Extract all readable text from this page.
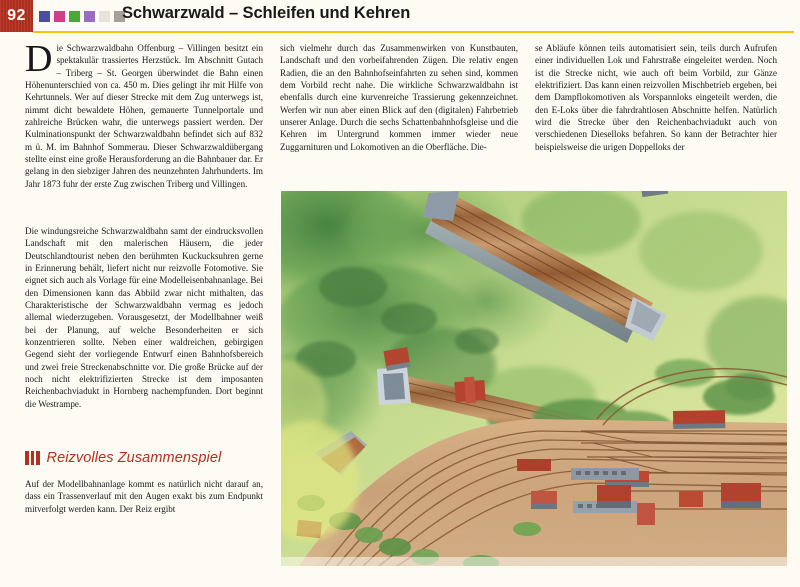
92	Schwarzwald – Schleifen und Kehren

Die Schwarzwaldbahn Offenburg – Villingen besitzt ein spektakulär trassiertes Herzstück. Im Abschnitt Gutach – Triberg – St. Georgen überwindet die Bahn einen Höhenunterschied von ca. 450 m. Dies gelingt ihr mit Hilfe von Kehrtunnels. Wer auf dieser Strecke mit dem Zug unterwegs ist, nimmt dicht bewaldete Höhen, gemauerte Tunnelportale und zahlreiche Brücken wahr, die unterwegs passiert werden. Der Kulminationspunkt der Schwarzwaldbahn befindet sich auf 832 m ü. M. im Bahnhof Sommerau. Dieser Schwarzwaldübergang stellte einst eine große Herausforderung an die Bahnbauer dar. Er gelang in den siebziger Jahren des neunzehnten Jahrhunderts. Im Jahr 1873 fuhr der erste Zug zwischen Triberg und Villingen.

sich vielmehr durch das Zusammenwirken von Kunstbauten, Landschaft und den vorbeifahrenden Zügen. Die relativ engen Radien, die an den Bahnhofseinfahrten zu sehen sind, kommen dem Vorbild recht nahe. Die wirkliche Schwarzwaldbahn ist ebenfalls durch eine kurvenreiche Trassierung gekennzeichnet. Werfen wir nun aber einen Blick auf den (digitalen) Fahrbetrieb unserer Anlage. Durch die sechs Schattenbahnhofsgleise und die Kehren im Untergrund kommen immer wieder neue Zuggarnituren und Lokomotiven an die Oberfläche. Die-

se Abläufe können teils automatisiert sein, teils durch Aufrufen einer individuellen Lok und Fahrstraße eingeleitet werden. Noch ist die Strecke nicht, wie auch oft beim Vorbild, zur Gänze elektrifiziert. Das kann einen reizvollen Mischbetrieb ergeben, bei dem Dampflokomotiven als Vorspannloks eingeteilt werden, die den E-Loks über die fahrdrahtlosen Abschnitte helfen. Natürlich wird die Strecke über den Reichenbachviadukt auch von verschiedenen Dieselloks befahren. So kann der Betrachter hier beispielsweise die urigen Doppelloks der

Die windungsreiche Schwarzwaldbahn samt der eindrucksvollen Landschaft mit den malerischen Häusern, die jeder Deutschlandtourist neben den berühmten Kuckucksuhren gerne in Erinnerung behält, liefert nicht nur reizvolle Fotomotive. Sie eignet sich auch als Vorlage für eine Modelleisenbahnanlage. Bei den Dimensionen kann das Abbild zwar nicht mithalten, das Charakteristische der Schwarzwaldbahn vermag es jedoch allemal wiederzugeben. Vorausgesetzt, der Modellbahner weiß bei der Planung, auf welche Besonderheiten er sich konzentrieren sollte. Neben einer waldreichen, gebirgigen Gegend sieht der vorliegende Entwurf einen Bahnhofsbereich und zwei freie Streckenabschnitte vor. Die große Brücke auf der noch nicht elektrifizierten Strecke ist dem imposanten Reichenbachviadukt in Hornberg nachempfunden. Dort beginnt die Westrampe.

Reizvolles Zusammenspiel

Auf der Modellbahnanlage kommt es natürlich nicht darauf an, dass ein Trassenverlauf mit den Augen exakt bis zum Endpunkt mitverfolgt werden kann. Der Reiz ergibt
